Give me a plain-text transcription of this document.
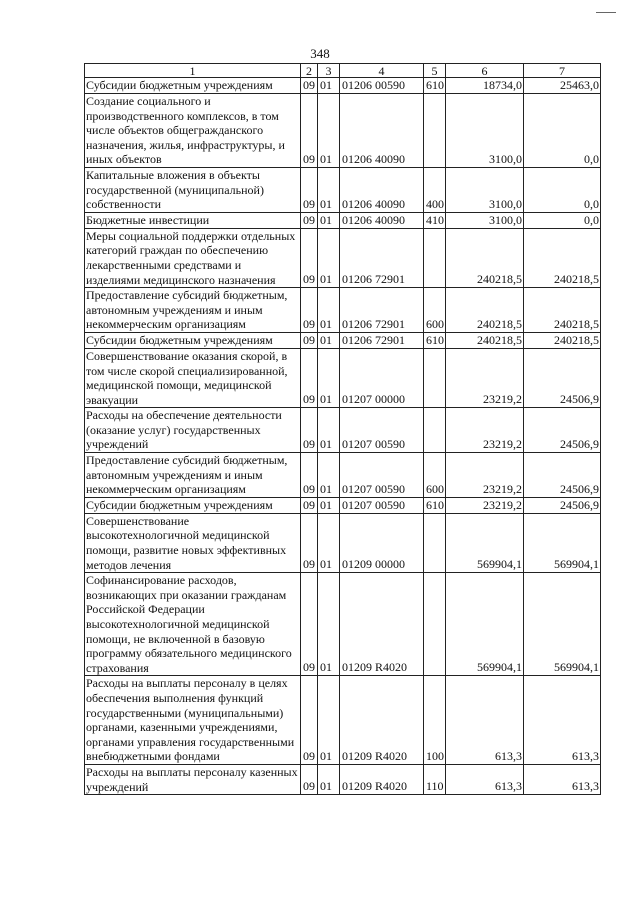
348
1	2	3	4	5	6	7
Субсидии бюджетным учреждениям	09	01	01206 00590	610	18734,0	25463,0
Создание социального и производственного комплексов, в том числе объектов общегражданского назначения, жилья, инфраструктуры, и иных объектов	09	01	01206 40090		3100,0	0,0
Капитальные вложения в объекты государственной (муниципальной) собственности	09	01	01206 40090	400	3100,0	0,0
Бюджетные инвестиции	09	01	01206 40090	410	3100,0	0,0
Меры социальной поддержки отдельных категорий граждан по обеспечению лекарственными средствами и изделиями медицинского назначения	09	01	01206 72901		240218,5	240218,5
Предоставление субсидий бюджетным, автономным учреждениям и иным некоммерческим организациям	09	01	01206 72901	600	240218,5	240218,5
Субсидии бюджетным учреждениям	09	01	01206 72901	610	240218,5	240218,5
Совершенствование оказания скорой, в том числе скорой специализированной, медицинской помощи, медицинской эвакуации	09	01	01207 00000		23219,2	24506,9
Расходы на обеспечение деятельности (оказание услуг) государственных учреждений	09	01	01207 00590		23219,2	24506,9
Предоставление субсидий бюджетным, автономным учреждениям и иным некоммерческим организациям	09	01	01207 00590	600	23219,2	24506,9
Субсидии бюджетным учреждениям	09	01	01207 00590	610	23219,2	24506,9
Совершенствование высокотехнологичной медицинской помощи, развитие новых эффективных методов лечения	09	01	01209 00000		569904,1	569904,1
Софинансирование расходов, возникающих при оказании гражданам Российской Федерации высокотехнологичной медицинской помощи, не включенной в базовую программу обязательного медицинского страхования	09	01	01209 R4020		569904,1	569904,1
Расходы на выплаты персоналу в целях обеспечения выполнения функций государственными (муниципальными) органами, казенными учреждениями, органами управления государственными внебюджетными фондами	09	01	01209 R4020	100	613,3	613,3
Расходы на выплаты персоналу казенных учреждений	09	01	01209 R4020	110	613,3	613,3
